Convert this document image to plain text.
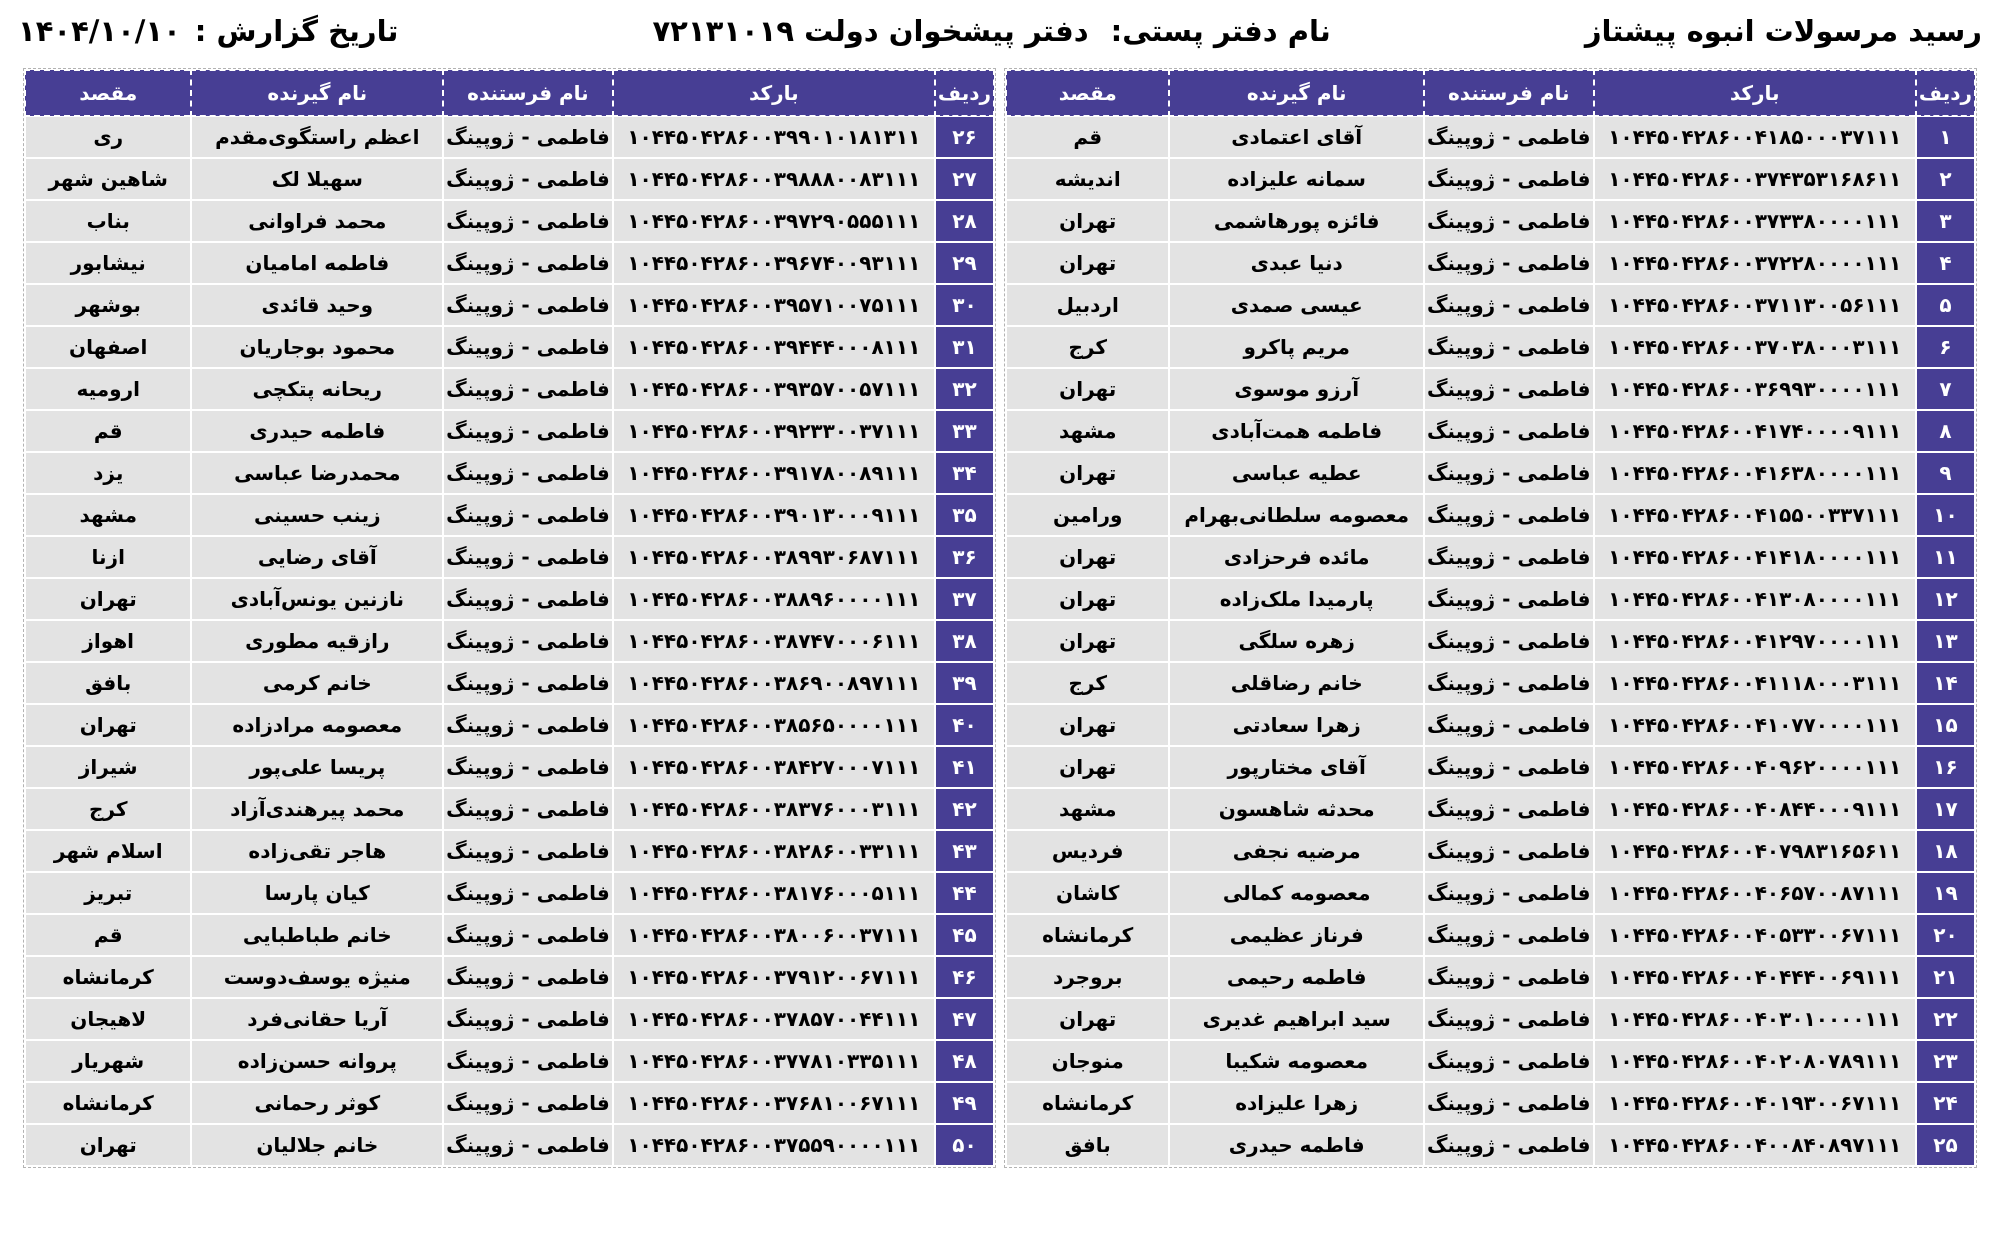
رسید مرسولات انبوه پیشتاز
نام دفتر پستی:
دفتر پیشخوان دولت ۷۲۱۳۱۰۱۹
تاریخ گزارش :
۱۴۰۴/۱۰/۱۰
ردیف	بارکد	نام فرستنده	نام گیرنده	مقصد
۱	۱۰۴۴۵۰۴۲۸۶۰۰۴۱۸۵۰۰۰۳۷۱۱۱	فاطمی - ژوپینگ	آقای اعتمادی	قم
۲	۱۰۴۴۵۰۴۲۸۶۰۰۳۷۴۳۵۳۱۶۸۶۱۱	فاطمی - ژوپینگ	سمانه علیزاده	اندیشه
۳	۱۰۴۴۵۰۴۲۸۶۰۰۳۷۳۳۸۰۰۰۰۱۱۱	فاطمی - ژوپینگ	فائزه پورهاشمی	تهران
۴	۱۰۴۴۵۰۴۲۸۶۰۰۳۷۲۲۸۰۰۰۰۱۱۱	فاطمی - ژوپینگ	دنیا عبدی	تهران
۵	۱۰۴۴۵۰۴۲۸۶۰۰۳۷۱۱۳۰۰۵۶۱۱۱	فاطمی - ژوپینگ	عیسی صمدی	اردبیل
۶	۱۰۴۴۵۰۴۲۸۶۰۰۳۷۰۳۸۰۰۰۳۱۱۱	فاطمی - ژوپینگ	مریم پاکرو	کرج
۷	۱۰۴۴۵۰۴۲۸۶۰۰۳۶۹۹۳۰۰۰۰۱۱۱	فاطمی - ژوپینگ	آرزو موسوی	تهران
۸	۱۰۴۴۵۰۴۲۸۶۰۰۴۱۷۴۰۰۰۰۹۱۱۱	فاطمی - ژوپینگ	فاطمه همت‌آبادی	مشهد
۹	۱۰۴۴۵۰۴۲۸۶۰۰۴۱۶۳۸۰۰۰۰۱۱۱	فاطمی - ژوپینگ	عطیه عباسی	تهران
۱۰	۱۰۴۴۵۰۴۲۸۶۰۰۴۱۵۵۰۰۳۳۷۱۱۱	فاطمی - ژوپینگ	معصومه سلطانی‌بهرام	ورامین
۱۱	۱۰۴۴۵۰۴۲۸۶۰۰۴۱۴۱۸۰۰۰۰۱۱۱	فاطمی - ژوپینگ	مائده فرحزادی	تهران
۱۲	۱۰۴۴۵۰۴۲۸۶۰۰۴۱۳۰۸۰۰۰۰۱۱۱	فاطمی - ژوپینگ	پارمیدا ملک‌زاده	تهران
۱۳	۱۰۴۴۵۰۴۲۸۶۰۰۴۱۲۹۷۰۰۰۰۱۱۱	فاطمی - ژوپینگ	زهره سلگی	تهران
۱۴	۱۰۴۴۵۰۴۲۸۶۰۰۴۱۱۱۸۰۰۰۳۱۱۱	فاطمی - ژوپینگ	خانم رضاقلی	کرج
۱۵	۱۰۴۴۵۰۴۲۸۶۰۰۴۱۰۷۷۰۰۰۰۱۱۱	فاطمی - ژوپینگ	زهرا سعادتی	تهران
۱۶	۱۰۴۴۵۰۴۲۸۶۰۰۴۰۹۶۲۰۰۰۰۱۱۱	فاطمی - ژوپینگ	آقای مختارپور	تهران
۱۷	۱۰۴۴۵۰۴۲۸۶۰۰۴۰۸۴۴۰۰۰۹۱۱۱	فاطمی - ژوپینگ	محدثه شاهسون	مشهد
۱۸	۱۰۴۴۵۰۴۲۸۶۰۰۴۰۷۹۸۳۱۶۵۶۱۱	فاطمی - ژوپینگ	مرضیه نجفی	فردیس
۱۹	۱۰۴۴۵۰۴۲۸۶۰۰۴۰۶۵۷۰۰۸۷۱۱۱	فاطمی - ژوپینگ	معصومه کمالی	کاشان
۲۰	۱۰۴۴۵۰۴۲۸۶۰۰۴۰۵۳۳۰۰۶۷۱۱۱	فاطمی - ژوپینگ	فرناز عظیمی	کرمانشاه
۲۱	۱۰۴۴۵۰۴۲۸۶۰۰۴۰۴۴۴۰۰۶۹۱۱۱	فاطمی - ژوپینگ	فاطمه رحیمی	بروجرد
۲۲	۱۰۴۴۵۰۴۲۸۶۰۰۴۰۳۰۱۰۰۰۰۱۱۱	فاطمی - ژوپینگ	سید ابراهیم غدیری	تهران
۲۳	۱۰۴۴۵۰۴۲۸۶۰۰۴۰۲۰۸۰۷۸۹۱۱۱	فاطمی - ژوپینگ	معصومه شکیبا	منوجان
۲۴	۱۰۴۴۵۰۴۲۸۶۰۰۴۰۱۹۳۰۰۶۷۱۱۱	فاطمی - ژوپینگ	زهرا علیزاده	کرمانشاه
۲۵	۱۰۴۴۵۰۴۲۸۶۰۰۴۰۰۸۴۰۸۹۷۱۱۱	فاطمی - ژوپینگ	فاطمه حیدری	بافق
ردیف	بارکد	نام فرستنده	نام گیرنده	مقصد
۲۶	۱۰۴۴۵۰۴۲۸۶۰۰۳۹۹۰۱۰۱۸۱۳۱۱	فاطمی - ژوپینگ	اعظم راستگوی‌مقدم	ری
۲۷	۱۰۴۴۵۰۴۲۸۶۰۰۳۹۸۸۸۰۰۸۳۱۱۱	فاطمی - ژوپینگ	سهیلا لک	شاهین شهر
۲۸	۱۰۴۴۵۰۴۲۸۶۰۰۳۹۷۲۹۰۵۵۵۱۱۱	فاطمی - ژوپینگ	محمد فراوانی	بناب
۲۹	۱۰۴۴۵۰۴۲۸۶۰۰۳۹۶۷۴۰۰۹۳۱۱۱	فاطمی - ژوپینگ	فاطمه امامیان	نیشابور
۳۰	۱۰۴۴۵۰۴۲۸۶۰۰۳۹۵۷۱۰۰۷۵۱۱۱	فاطمی - ژوپینگ	وحید قائدی	بوشهر
۳۱	۱۰۴۴۵۰۴۲۸۶۰۰۳۹۴۴۴۰۰۰۸۱۱۱	فاطمی - ژوپینگ	محمود بوجاریان	اصفهان
۳۲	۱۰۴۴۵۰۴۲۸۶۰۰۳۹۳۵۷۰۰۵۷۱۱۱	فاطمی - ژوپینگ	ریحانه پتکچی	ارومیه
۳۳	۱۰۴۴۵۰۴۲۸۶۰۰۳۹۲۳۳۰۰۳۷۱۱۱	فاطمی - ژوپینگ	فاطمه حیدری	قم
۳۴	۱۰۴۴۵۰۴۲۸۶۰۰۳۹۱۷۸۰۰۸۹۱۱۱	فاطمی - ژوپینگ	محمدرضا عباسی	یزد
۳۵	۱۰۴۴۵۰۴۲۸۶۰۰۳۹۰۱۳۰۰۰۹۱۱۱	فاطمی - ژوپینگ	زینب حسینی	مشهد
۳۶	۱۰۴۴۵۰۴۲۸۶۰۰۳۸۹۹۳۰۶۸۷۱۱۱	فاطمی - ژوپینگ	آقای رضایی	ازنا
۳۷	۱۰۴۴۵۰۴۲۸۶۰۰۳۸۸۹۶۰۰۰۰۱۱۱	فاطمی - ژوپینگ	نازنین یونس‌آبادی	تهران
۳۸	۱۰۴۴۵۰۴۲۸۶۰۰۳۸۷۴۷۰۰۰۶۱۱۱	فاطمی - ژوپینگ	رازقیه مطوری	اهواز
۳۹	۱۰۴۴۵۰۴۲۸۶۰۰۳۸۶۹۰۰۸۹۷۱۱۱	فاطمی - ژوپینگ	خانم کرمی	بافق
۴۰	۱۰۴۴۵۰۴۲۸۶۰۰۳۸۵۶۵۰۰۰۰۱۱۱	فاطمی - ژوپینگ	معصومه مرادزاده	تهران
۴۱	۱۰۴۴۵۰۴۲۸۶۰۰۳۸۴۲۷۰۰۰۷۱۱۱	فاطمی - ژوپینگ	پریسا علی‌پور	شیراز
۴۲	۱۰۴۴۵۰۴۲۸۶۰۰۳۸۳۷۶۰۰۰۳۱۱۱	فاطمی - ژوپینگ	محمد پیرهندی‌آزاد	کرج
۴۳	۱۰۴۴۵۰۴۲۸۶۰۰۳۸۲۸۶۰۰۳۳۱۱۱	فاطمی - ژوپینگ	هاجر تقی‌زاده	اسلام شهر
۴۴	۱۰۴۴۵۰۴۲۸۶۰۰۳۸۱۷۶۰۰۰۵۱۱۱	فاطمی - ژوپینگ	کیان پارسا	تبریز
۴۵	۱۰۴۴۵۰۴۲۸۶۰۰۳۸۰۰۶۰۰۳۷۱۱۱	فاطمی - ژوپینگ	خانم طباطبایی	قم
۴۶	۱۰۴۴۵۰۴۲۸۶۰۰۳۷۹۱۲۰۰۶۷۱۱۱	فاطمی - ژوپینگ	منیژه یوسف‌دوست	کرمانشاه
۴۷	۱۰۴۴۵۰۴۲۸۶۰۰۳۷۸۵۷۰۰۴۴۱۱۱	فاطمی - ژوپینگ	آریا حقانی‌فرد	لاهیجان
۴۸	۱۰۴۴۵۰۴۲۸۶۰۰۳۷۷۸۱۰۳۳۵۱۱۱	فاطمی - ژوپینگ	پروانه حسن‌زاده	شهریار
۴۹	۱۰۴۴۵۰۴۲۸۶۰۰۳۷۶۸۱۰۰۶۷۱۱۱	فاطمی - ژوپینگ	کوثر رحمانی	کرمانشاه
۵۰	۱۰۴۴۵۰۴۲۸۶۰۰۳۷۵۵۹۰۰۰۰۱۱۱	فاطمی - ژوپینگ	خانم جلالیان	تهران
